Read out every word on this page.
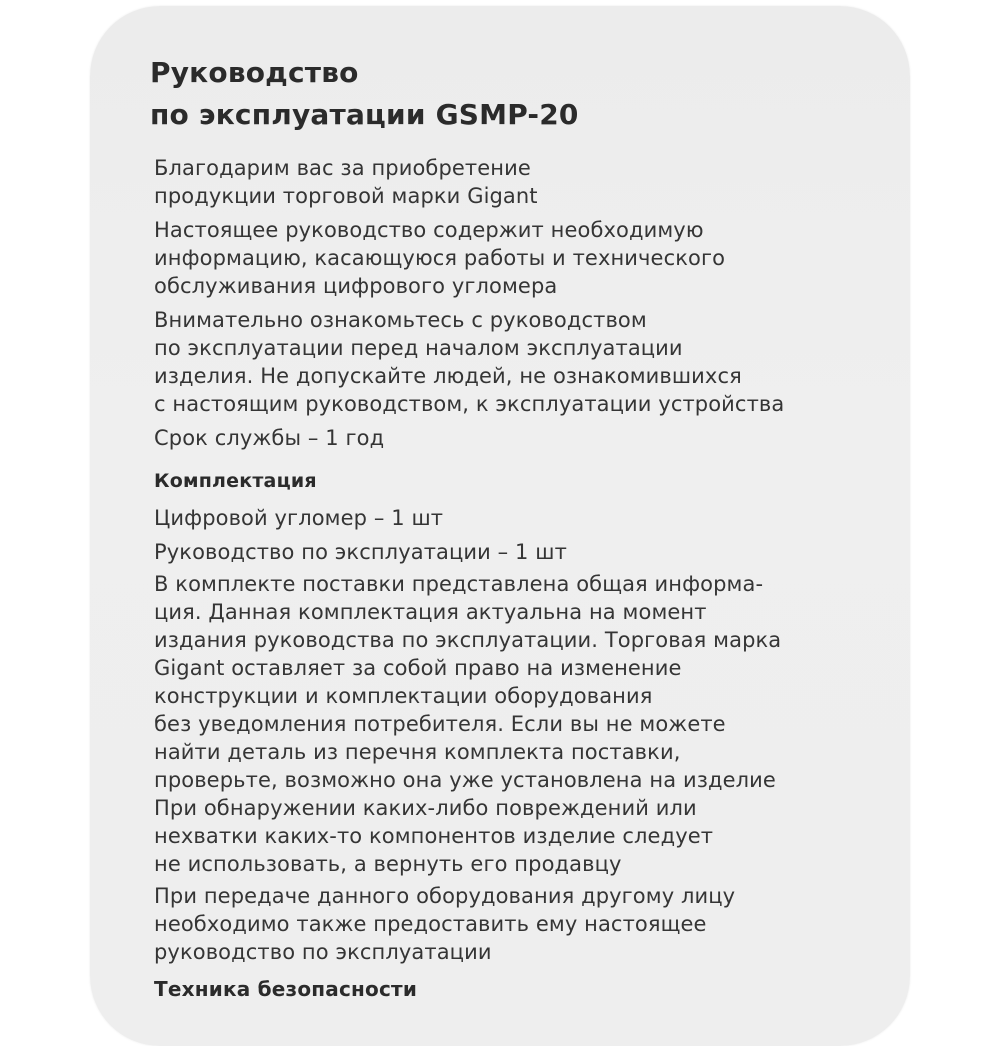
Руководство
по эксплуатации GSMP-20

Благодарим вас за приобретение
продукции торговой марки Gigant

Настоящее руководство содержит необходимую
информацию, касающуюся работы и технического
обслуживания цифрового угломера

Внимательно ознакомьтесь с руководством
по эксплуатации перед началом эксплуатации
изделия. Не допускайте людей, не ознакомившихся
с настоящим руководством, к эксплуатации устройства

Срок службы – 1 год

Комплектация

Цифровой угломер – 1 шт

Руководство по эксплуатации – 1 шт

В комплекте поставки представлена общая информа-
ция. Данная комплектация актуальна на момент
издания руководства по эксплуатации. Торговая марка
Gigant оставляет за собой право на изменение
конструкции и комплектации оборудования
без уведомления потребителя. Если вы не можете
найти деталь из перечня комплекта поставки,
проверьте, возможно она уже установлена на изделие

При обнаружении каких-либо повреждений или
нехватки каких-то компонентов изделие следует
не использовать, а вернуть его продавцу

При передаче данного оборудования другому лицу
необходимо также предоставить ему настоящее
руководство по эксплуатации

Техника безопасности
